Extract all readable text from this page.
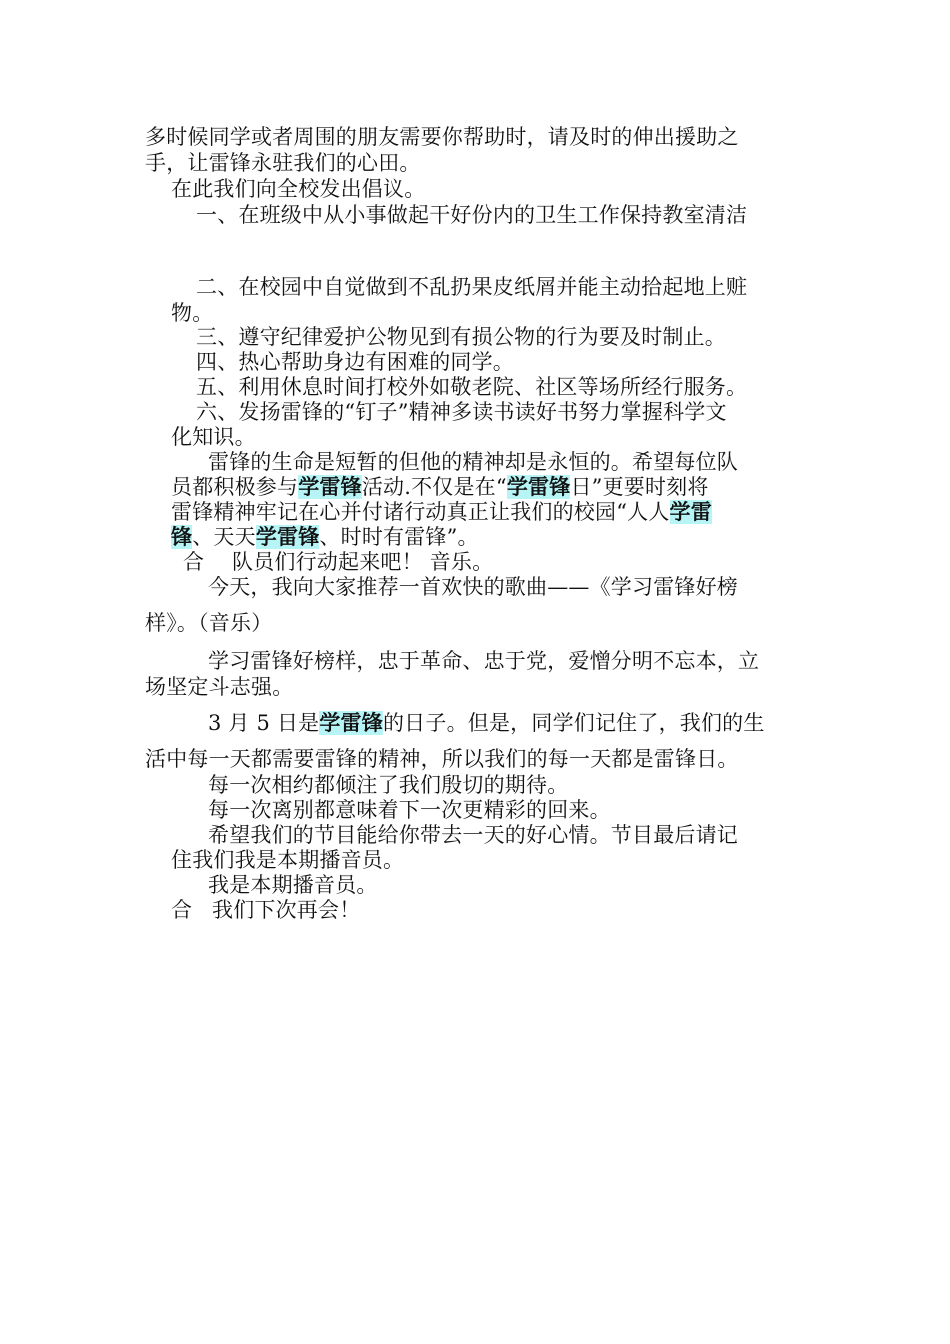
多时候同学或者周围的朋友需要你帮助时，请及时的伸出援助之
手，让雷锋永驻我们的心田。
在此我们向全校发出倡议。
一、在班级中从小事做起干好份内的卫生工作保持教室清洁
二、在校园中自觉做到不乱扔果皮纸屑并能主动拾起地上赃
物。
三、遵守纪律爱护公物见到有损公物的行为要及时制止。
四、热心帮助身边有困难的同学。
五、利用休息时间打校外如敬老院、社区等场所经行服务。
六、发扬雷锋的“钉子”精神多读书读好书努力掌握科学文
化知识。
雷锋的生命是短暂的但他的精神却是永恒的。希望每位队
员都积极参与学雷锋活动.不仅是在“学雷锋日”更要时刻将
雷锋精神牢记在心并付诸行动真正让我们的校园“人人学雷
锋、天天学雷锋、时时有雷锋”。
合 队员们行动起来吧！ 音乐。
今天，我向大家推荐一首欢快的歌曲——《学习雷锋好榜
样》。（音乐）
学习雷锋好榜样，忠于革命、忠于党，爱憎分明不忘本，立
场坚定斗志强。
3 月 5 日是学雷锋的日子。但是，同学们记住了，我们的生
活中每一天都需要雷锋的精神，所以我们的每一天都是雷锋日。
每一次相约都倾注了我们殷切的期待。
每一次离别都意味着下一次更精彩的回来。
希望我们的节目能给你带去一天的好心情。节目最后请记
住我们我是本期播音员。
我是本期播音员。
合 我们下次再会！
